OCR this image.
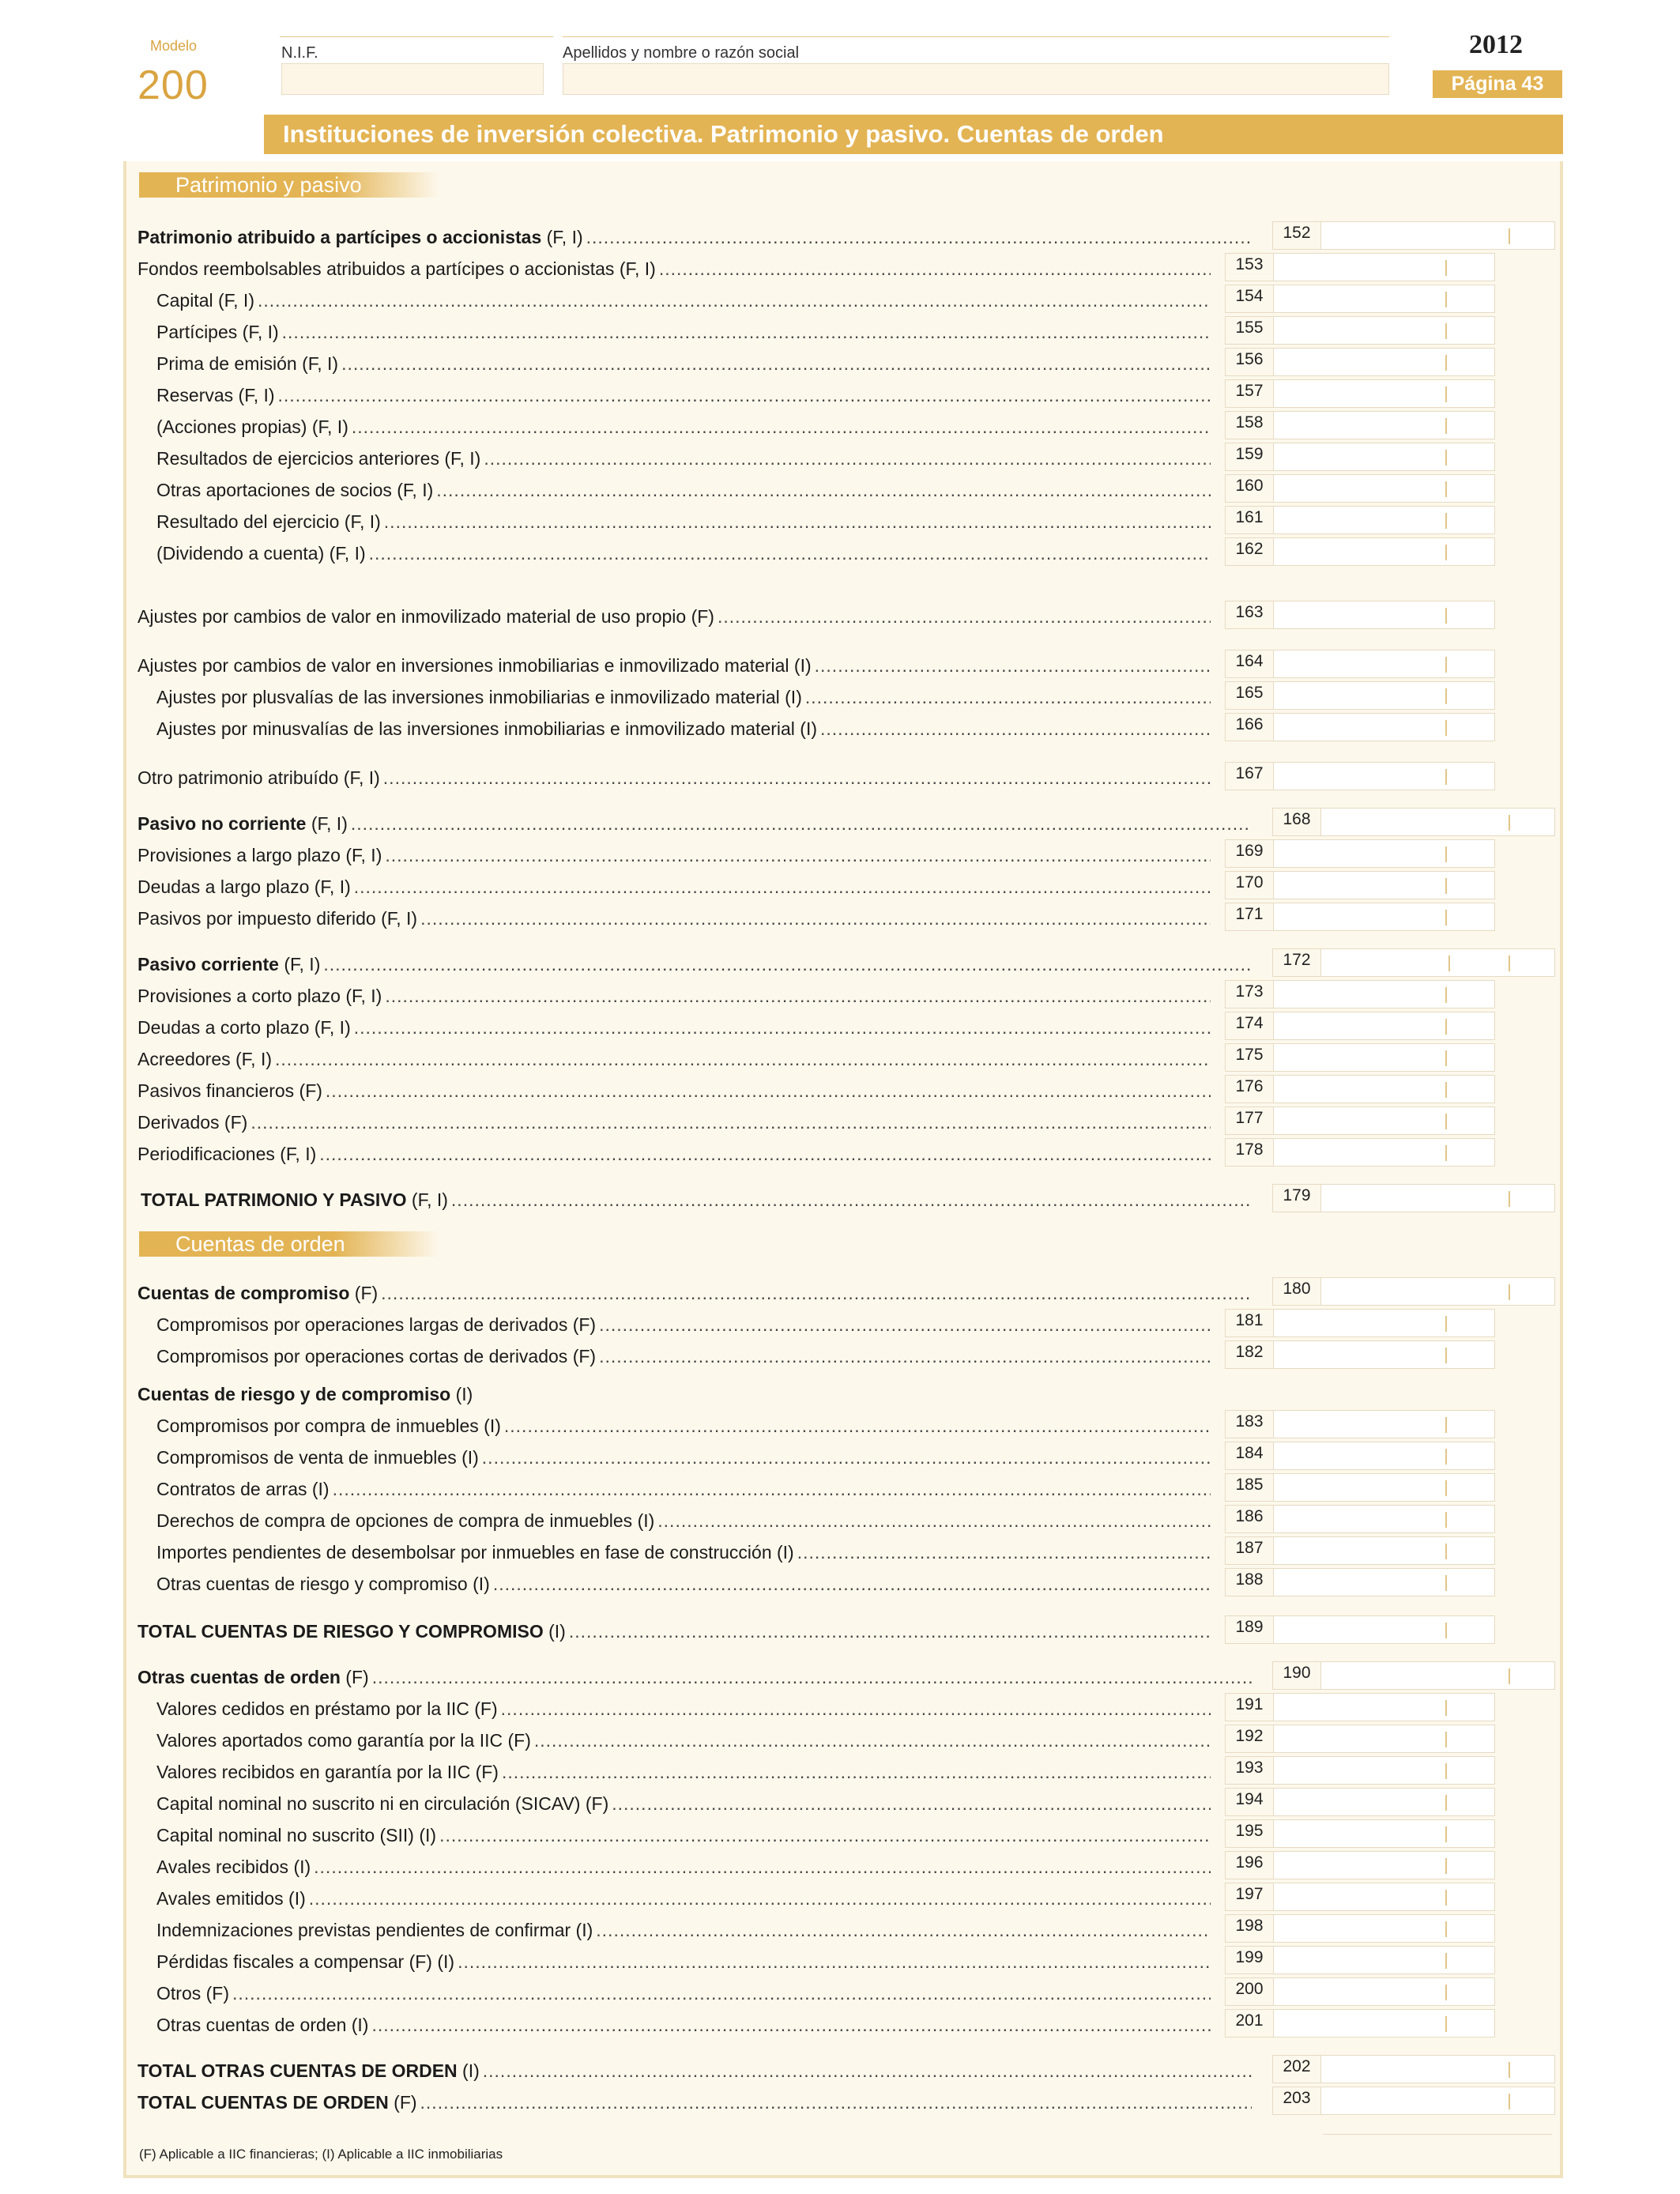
Modelo
200
N.I.F.	Apellidos y nombre o razón social	2012
Página 43
Instituciones de inversión colectiva. Patrimonio y pasivo. Cuentas de orden
Patrimonio y pasivo
Cuentas de orden
Patrimonio atribuido a partícipes o accionistas (F, I) .....	152
Fondos reembolsables atribuidos a partícipes o accionistas (F, I) .....	153
Capital (F, I) .....	154
Partícipes (F, I) .....	155
Prima de emisión (F, I) .....	156
Reservas (F, I) .....	157
(Acciones propias) (F, I) .....	158
Resultados de ejercicios anteriores (F, I) .....	159
Otras aportaciones de socios (F, I) .....	160
Resultado del ejercicio (F, I) .....	161
(Dividendo a cuenta) (F, I) .....	162
Ajustes por cambios de valor en inmovilizado material de uso propio (F) .....	163
Ajustes por cambios de valor en inversiones inmobiliarias e inmovilizado material (I) .....	164
Ajustes por plusvalías de las inversiones inmobiliarias e inmovilizado material (I) .....	165
Ajustes por minusvalías de las inversiones inmobiliarias e inmovilizado material (I) .....	166
Otro patrimonio atribuído (F, I) .....	167
Pasivo no corriente (F, I) .....	168
Provisiones a largo plazo (F, I) .....	169
Deudas a largo plazo (F, I) .....	170
Pasivos por impuesto diferido (F, I) .....	171
Pasivo corriente (F, I) .....	172
Provisiones a corto plazo (F, I) .....	173
Deudas a corto plazo (F, I) .....	174
Acreedores (F, I) .....	175
Pasivos financieros (F) .....	176
Derivados (F) .....	177
Periodificaciones (F, I) .....	178
TOTAL PATRIMONIO Y PASIVO (F, I) .....	179
Cuentas de compromiso (F) .....	180
Compromisos por operaciones largas de derivados (F) .....	181
Compromisos por operaciones cortas de derivados (F) .....	182
Cuentas de riesgo y de compromiso (I)
Compromisos por compra de inmuebles (I) .....	183
Compromisos de venta de inmuebles (I) .....	184
Contratos de arras (I) .....	185
Derechos de compra de opciones de compra de inmuebles (I) .....	186
Importes pendientes de desembolsar por inmuebles en fase de construcción (I) .....	187
Otras cuentas de riesgo y compromiso (I) .....	188
TOTAL CUENTAS DE RIESGO Y COMPROMISO (I) .....	189
Otras cuentas de orden (F) .....	190
Valores cedidos en préstamo por la IIC (F) .....	191
Valores aportados como garantía por la IIC (F) .....	192
Valores recibidos en garantía por la IIC (F) .....	193
Capital nominal no suscrito ni en circulación (SICAV) (F) .....	194
Capital nominal no suscrito (SII) (I) .....	195
Avales recibidos (I) .....	196
Avales emitidos (I) .....	197
Indemnizaciones previstas pendientes de confirmar (I) .....	198
Pérdidas fiscales a compensar (F) (I) .....	199
Otros (F) .....	200
Otras cuentas de orden (I) .....	201
TOTAL OTRAS CUENTAS DE ORDEN (I) .....	202
TOTAL CUENTAS DE ORDEN (F) .....	203
(F) Aplicable a IIC financieras; (I) Aplicable a IIC inmobiliarias
